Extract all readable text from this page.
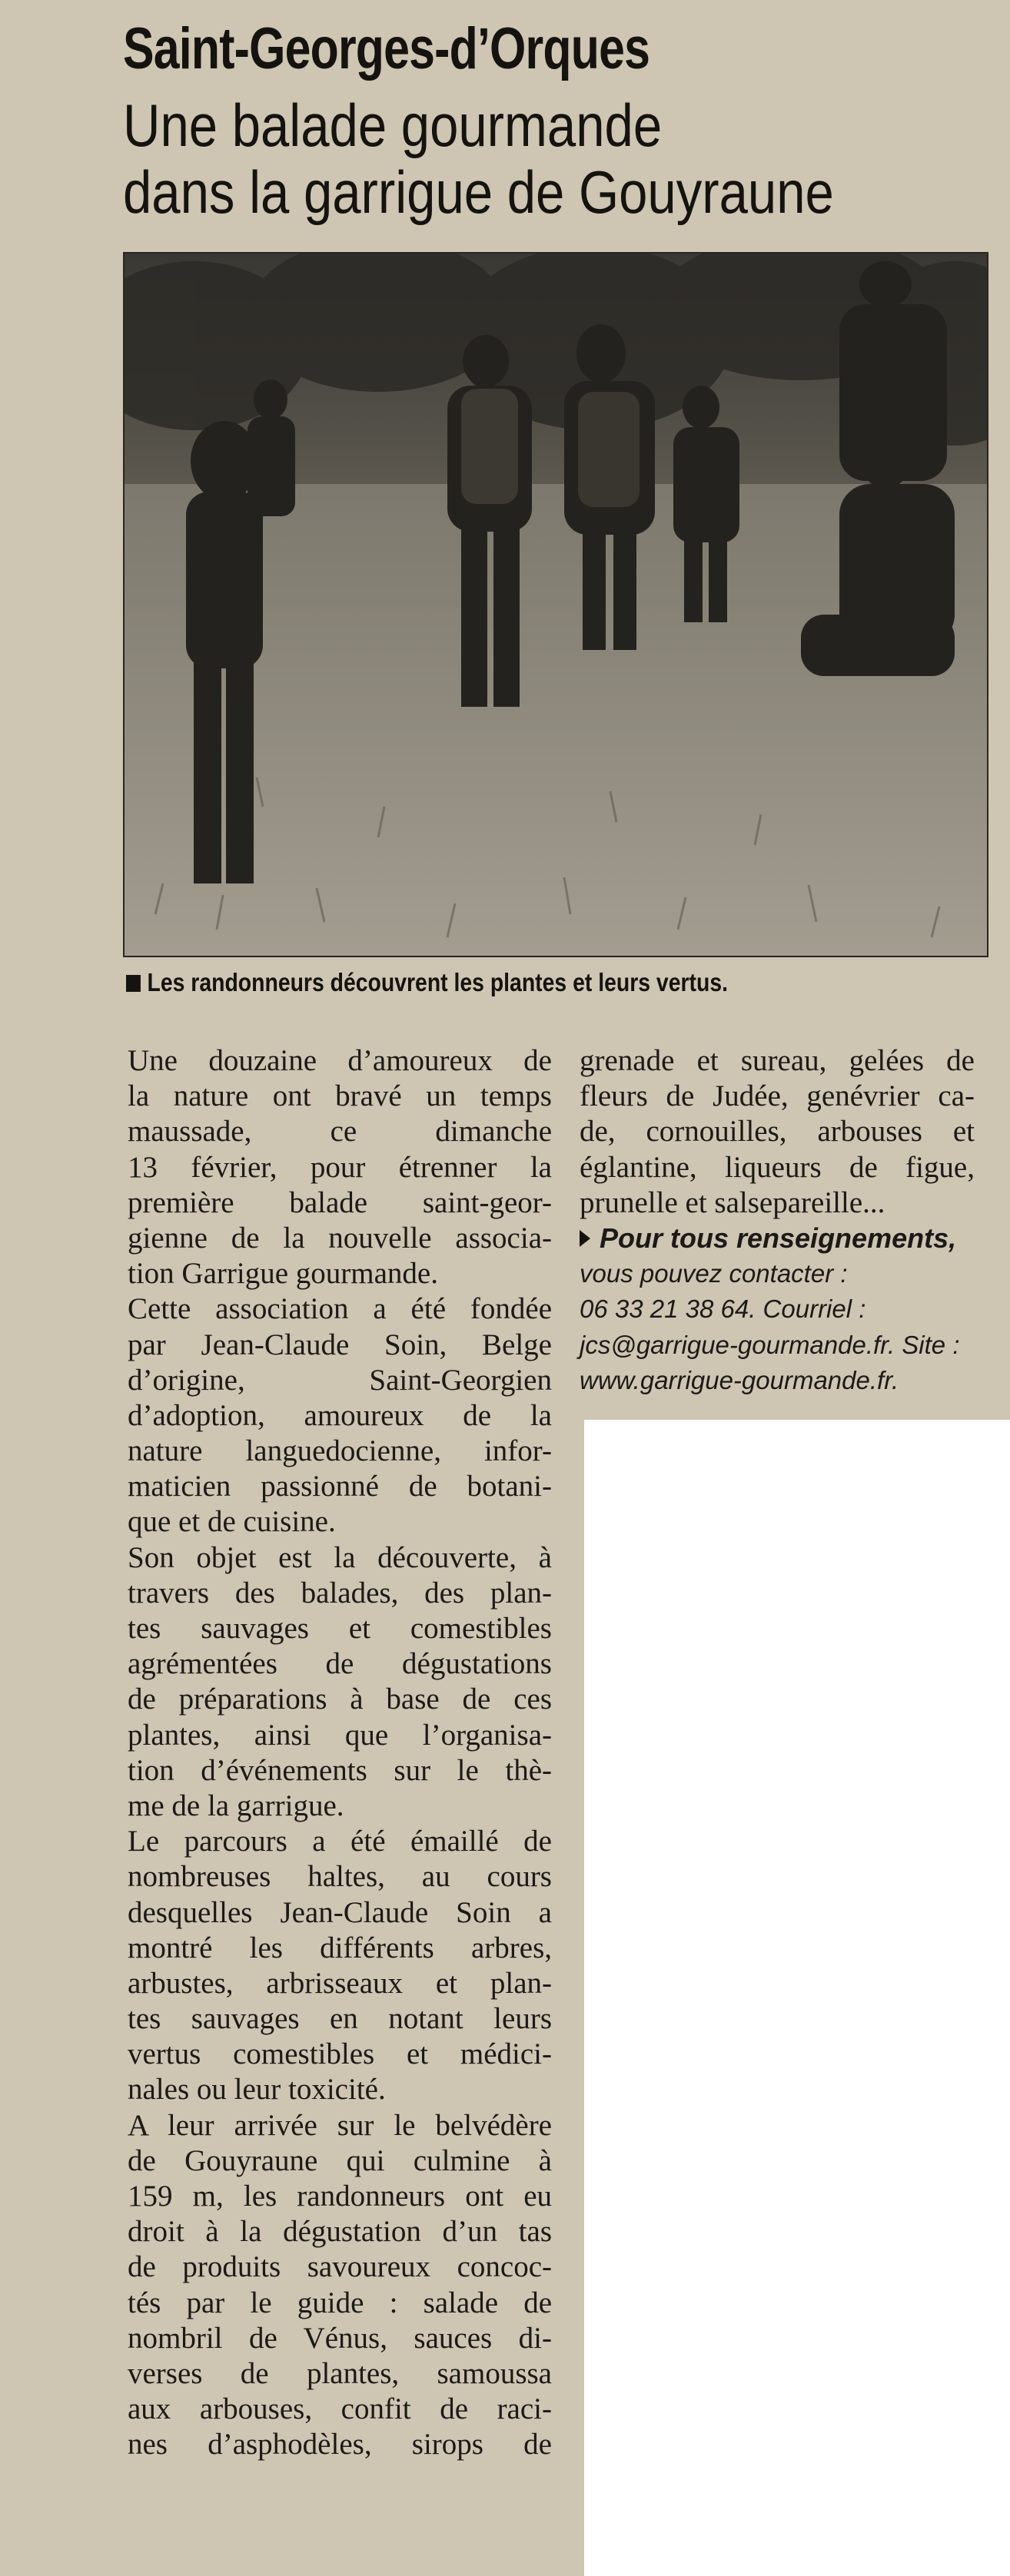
Saint-Georges-d’Orques
Une balade gourmande
dans la garrigue de Gouyraune
Les randonneurs découvrent les plantes et leurs vertus.
Une douzaine d’amoureux de
la nature ont bravé un temps
maussade, ce dimanche
13 février, pour étrenner la
première balade saint-geor-
gienne de la nouvelle associa-
tion Garrigue gourmande.
Cette association a été fondée
par Jean-Claude Soin, Belge
d’origine, Saint-Georgien
d’adoption, amoureux de la
nature languedocienne, infor-
maticien passionné de botani-
que et de cuisine.
Son objet est la découverte, à
travers des balades, des plan-
tes sauvages et comestibles
agrémentées de dégustations
de préparations à base de ces
plantes, ainsi que l’organisa-
tion d’événements sur le thè-
me de la garrigue.
Le parcours a été émaillé de
nombreuses haltes, au cours
desquelles Jean-Claude Soin a
montré les différents arbres,
arbustes, arbrisseaux et plan-
tes sauvages en notant leurs
vertus comestibles et médici-
nales ou leur toxicité.
A leur arrivée sur le belvédère
de Gouyraune qui culmine à
159 m, les randonneurs ont eu
droit à la dégustation d’un tas
de produits savoureux concoc-
tés par le guide : salade de
nombril de Vénus, sauces di-
verses de plantes, samoussa
aux arbouses, confit de raci-
nes d’asphodèles, sirops de
grenade et sureau, gelées de
fleurs de Judée, genévrier ca-
de, cornouilles, arbouses et
églantine, liqueurs de figue,
prunelle et salsepareille...
Pour tous renseignements,
vous pouvez contacter :
06 33 21 38 64. Courriel :
jcs@garrigue-gourmande.fr. Site :
www.garrigue-gourmande.fr.
